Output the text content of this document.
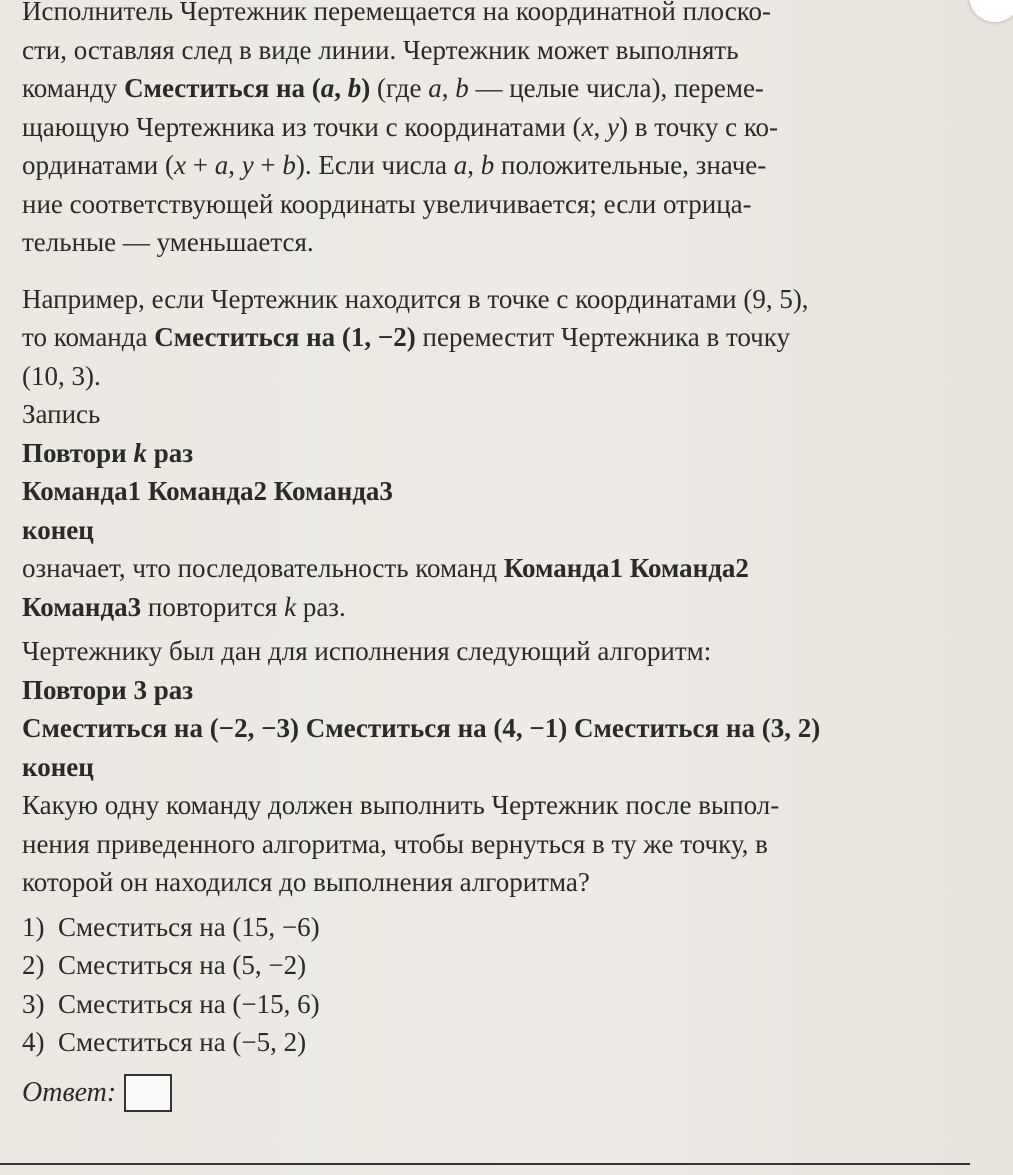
Исполнитель Чертежник перемещается на координатной плоско-
сти, оставляя след в виде линии. Чертежник может выполнять
команду Сместиться на (a, b) (где a, b — целые числа), переме-
щающую Чертежника из точки с координатами (x, y) в точку с ко-
ординатами (x + a, y + b). Если числа a, b положительные, значе-
ние соответствующей координаты увеличивается; если отрица-
тельные — уменьшается.

Например, если Чертежник находится в точке с координатами (9, 5),
то команда Сместиться на (1, −2) переместит Чертежника в точку
(10, 3).

Запись
Повтори k раз
Команда1 Команда2 Команда3
конец
означает, что последовательность команд Команда1 Команда2
Команда3 повторится k раз.

Чертежнику был дан для исполнения следующий алгоритм:
Повтори 3 раз
Сместиться на (−2, −3) Сместиться на (4, −1) Сместиться на (3, 2)
конец

Какую одну команду должен выполнить Чертежник после выпол-
нения приведенного алгоритма, чтобы вернуться в ту же точку, в
которой он находился до выполнения алгоритма?

1) Сместиться на (15, −6)
2) Сместиться на (5, −2)
3) Сместиться на (−15, 6)
4) Сместиться на (−5, 2)
Ответ:
